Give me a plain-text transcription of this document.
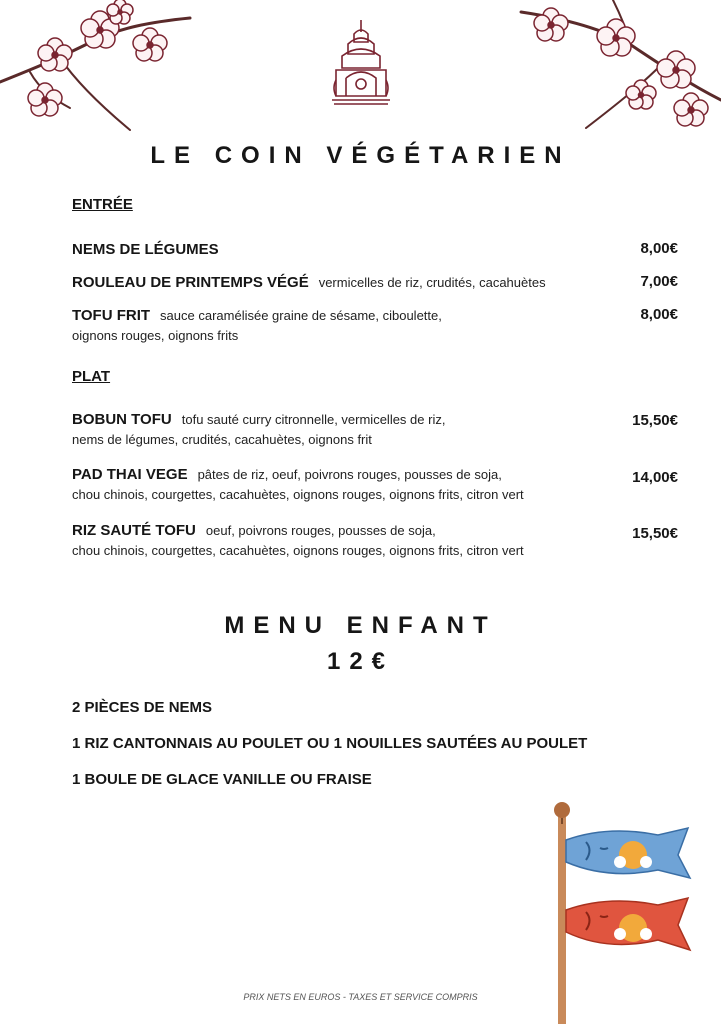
LE COIN VÉGÉTARIEN
ENTRÉE
NEMS DE LÉGUMES	8,00€
ROULEAU DE PRINTEMPS VÉGÉ vermicelles de riz, crudités, cacahuètes	7,00€
TOFU FRIT sauce caramélisée graine de sésame, ciboulette,
oignons rouges, oignons frits
8,00€
PLAT
BOBUN TOFU tofu sauté curry citronnelle, vermicelles de riz,
nems de légumes, crudités, cacahuètes, oignons frit
15,50€
PAD THAI VEGE pâtes de riz, oeuf, poivrons rouges, pousses de soja,
chou chinois, courgettes, cacahuètes, oignons rouges, oignons frits, citron vert
14,00€
RIZ SAUTÉ TOFU oeuf, poivrons rouges, pousses de soja,
chou chinois, courgettes, cacahuètes, oignons rouges, oignons frits, citron vert
15,50€
MENU ENFANT
12€
2 PIÈCES DE NEMS
1 RIZ CANTONNAIS AU POULET OU 1 NOUILLES SAUTÉES AU POULET
1 BOULE DE GLACE VANILLE OU FRAISE
PRIX NETS EN EUROS - TAXES ET SERVICE COMPRIS
